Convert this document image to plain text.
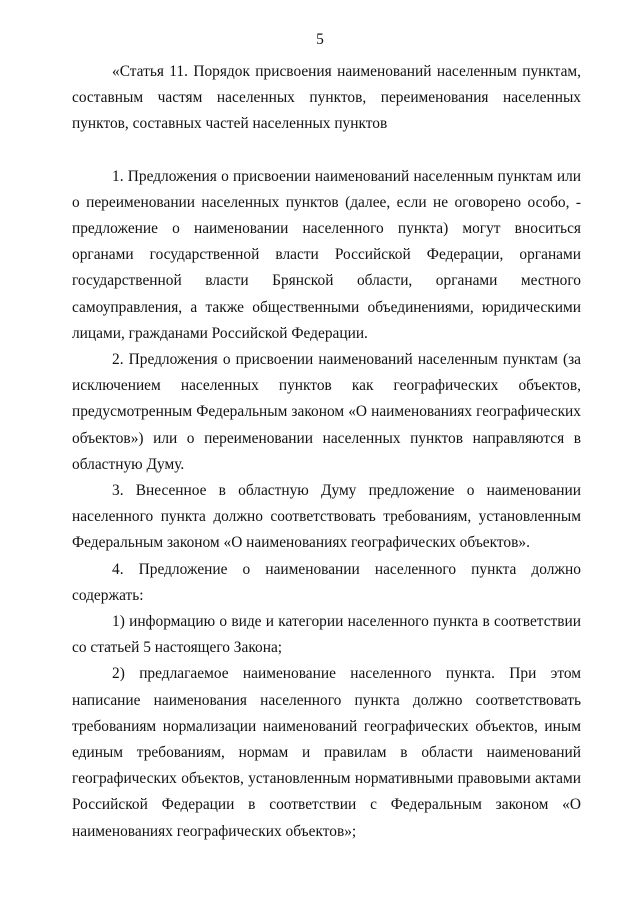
5

«Статья 11. Порядок присвоения наименований населенным пунктам, составным частям населенных пунктов, переименования населенных пунктов, составных частей населенных пунктов

1. Предложения о присвоении наименований населенным пунктам или о переименовании населенных пунктов (далее, если не оговорено особо, - предложение о наименовании населенного пункта) могут вноситься органами государственной власти Российской Федерации, органами государственной власти Брянской области, органами местного самоуправления, а также общественными объединениями, юридическими лицами, гражданами Российской Федерации.

2. Предложения о присвоении наименований населенным пунктам (за исключением населенных пунктов как географических объектов, предусмотренным Федеральным законом «О наименованиях географических объектов») или о переименовании населенных пунктов направляются в областную Думу.

3. Внесенное в областную Думу предложение о наименовании населенного пункта должно соответствовать требованиям, установленным Федеральным законом «О наименованиях географических объектов».

4. Предложение о наименовании населенного пункта должно содержать:

1) информацию о виде и категории населенного пункта в соответствии со статьей 5 настоящего Закона;

2) предлагаемое наименование населенного пункта. При этом написание наименования населенного пункта должно соответствовать требованиям нормализации наименований географических объектов, иным единым требованиям, нормам и правилам в области наименований географических объектов, установленным нормативными правовыми актами Российской Федерации в соответствии с Федеральным законом «О наименованиях географических объектов»;
